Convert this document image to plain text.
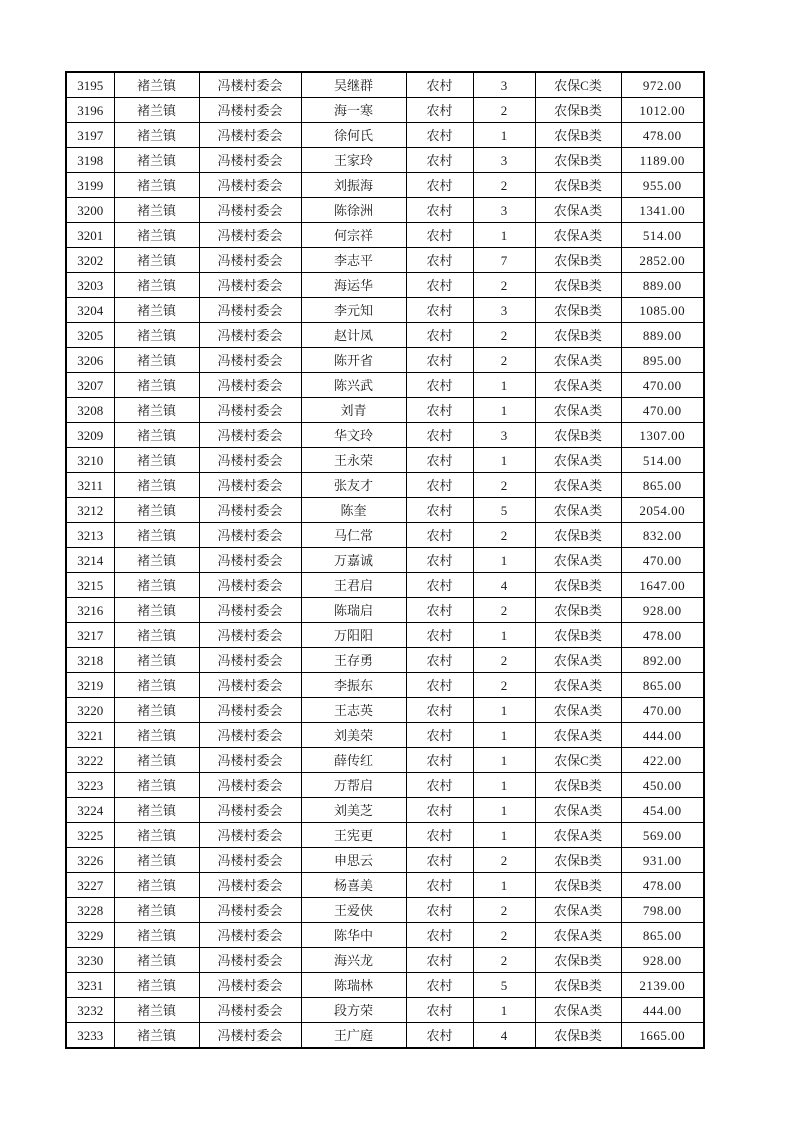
3195	褚兰镇	冯楼村委会	吴继群	农村	3	农保C类	972.00
3196	褚兰镇	冯楼村委会	海一寒	农村	2	农保B类	1012.00
3197	褚兰镇	冯楼村委会	徐何氏	农村	1	农保B类	478.00
3198	褚兰镇	冯楼村委会	王家玲	农村	3	农保B类	1189.00
3199	褚兰镇	冯楼村委会	刘振海	农村	2	农保B类	955.00
3200	褚兰镇	冯楼村委会	陈徐洲	农村	3	农保A类	1341.00
3201	褚兰镇	冯楼村委会	何宗祥	农村	1	农保A类	514.00
3202	褚兰镇	冯楼村委会	李志平	农村	7	农保B类	2852.00
3203	褚兰镇	冯楼村委会	海运华	农村	2	农保B类	889.00
3204	褚兰镇	冯楼村委会	李元知	农村	3	农保B类	1085.00
3205	褚兰镇	冯楼村委会	赵计凤	农村	2	农保B类	889.00
3206	褚兰镇	冯楼村委会	陈开省	农村	2	农保A类	895.00
3207	褚兰镇	冯楼村委会	陈兴武	农村	1	农保A类	470.00
3208	褚兰镇	冯楼村委会	刘青	农村	1	农保A类	470.00
3209	褚兰镇	冯楼村委会	华文玲	农村	3	农保B类	1307.00
3210	褚兰镇	冯楼村委会	王永荣	农村	1	农保A类	514.00
3211	褚兰镇	冯楼村委会	张友才	农村	2	农保A类	865.00
3212	褚兰镇	冯楼村委会	陈奎	农村	5	农保A类	2054.00
3213	褚兰镇	冯楼村委会	马仁常	农村	2	农保B类	832.00
3214	褚兰镇	冯楼村委会	万嘉诚	农村	1	农保A类	470.00
3215	褚兰镇	冯楼村委会	王君启	农村	4	农保B类	1647.00
3216	褚兰镇	冯楼村委会	陈瑞启	农村	2	农保B类	928.00
3217	褚兰镇	冯楼村委会	万阳阳	农村	1	农保B类	478.00
3218	褚兰镇	冯楼村委会	王存勇	农村	2	农保A类	892.00
3219	褚兰镇	冯楼村委会	李振东	农村	2	农保A类	865.00
3220	褚兰镇	冯楼村委会	王志英	农村	1	农保A类	470.00
3221	褚兰镇	冯楼村委会	刘美荣	农村	1	农保A类	444.00
3222	褚兰镇	冯楼村委会	薛传红	农村	1	农保C类	422.00
3223	褚兰镇	冯楼村委会	万帮启	农村	1	农保B类	450.00
3224	褚兰镇	冯楼村委会	刘美芝	农村	1	农保A类	454.00
3225	褚兰镇	冯楼村委会	王宪更	农村	1	农保A类	569.00
3226	褚兰镇	冯楼村委会	申思云	农村	2	农保B类	931.00
3227	褚兰镇	冯楼村委会	杨喜美	农村	1	农保B类	478.00
3228	褚兰镇	冯楼村委会	王爱侠	农村	2	农保A类	798.00
3229	褚兰镇	冯楼村委会	陈华中	农村	2	农保A类	865.00
3230	褚兰镇	冯楼村委会	海兴龙	农村	2	农保B类	928.00
3231	褚兰镇	冯楼村委会	陈瑞林	农村	5	农保B类	2139.00
3232	褚兰镇	冯楼村委会	段方荣	农村	1	农保A类	444.00
3233	褚兰镇	冯楼村委会	王广庭	农村	4	农保B类	1665.00
